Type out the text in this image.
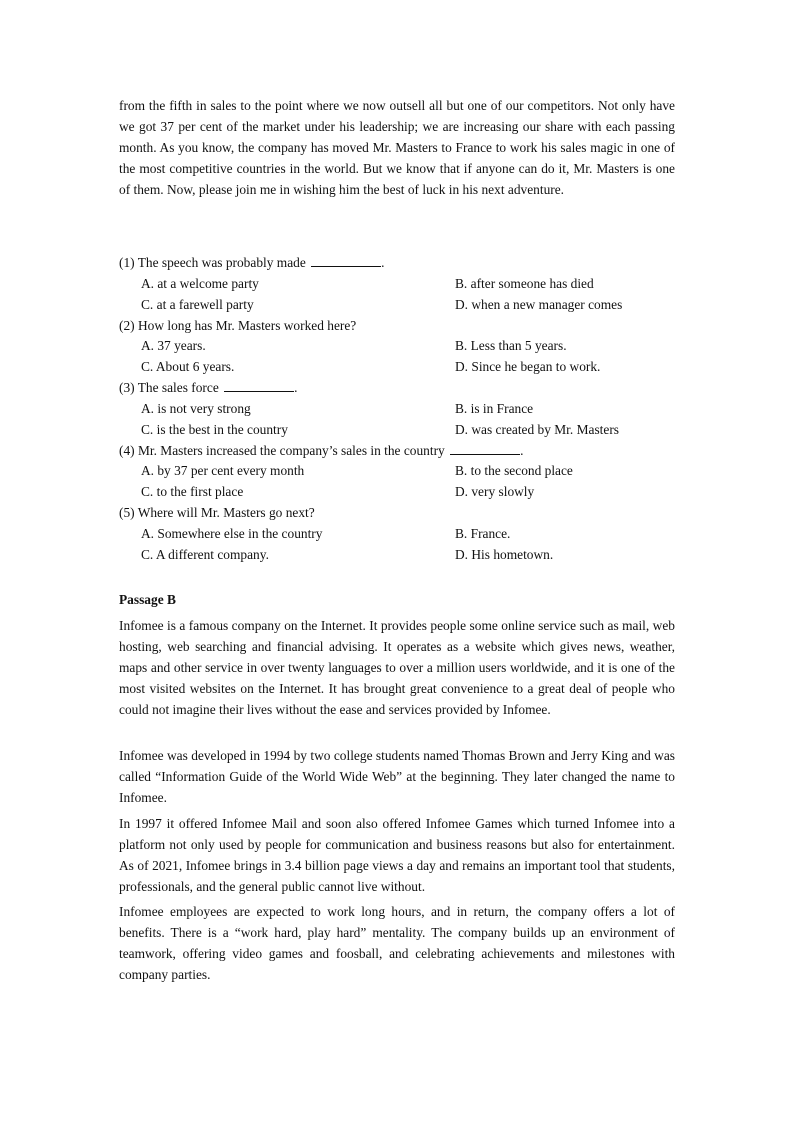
from the fifth in sales to the point where we now outsell all but one of our competitors. Not only have we got 37 per cent of the market under his leadership; we are increasing our share with each passing month. As you know, the company has moved Mr. Masters to France to work his sales magic in one of the most competitive countries in the world. But we know that if anyone can do it, Mr. Masters is one of them. Now, please join me in wishing him the best of luck in his next adventure.
(1) The speech was probably made	.
A. at a welcome party	B. after someone has died
C. at a farewell party	D. when a new manager comes
(2) How long has Mr. Masters worked here?
A. 37 years.	B. Less than 5 years.
C. About 6 years.	D. Since he began to work.
(3) The sales force	.
A. is not very strong	B. is in France
C. is the best in the country	D. was created by Mr. Masters
(4) Mr. Masters increased the company’s sales in the country	.
A. by 37 per cent every month	B. to the second place
C. to the first place	D. very slowly
(5) Where will Mr. Masters go next?
A. Somewhere else in the country	B. France.
C. A different company.	D. His hometown.
Passage B
Infomee is a famous company on the Internet. It provides people some online service such as mail, web hosting, web searching and financial advising. It operates as a website which gives news, weather, maps and other service in over twenty languages to over a million users worldwide, and it is one of the most visited websites on the Internet. It has brought great convenience to a great deal of people who could not imagine their lives without the ease and services provided by Infomee.
Infomee was developed in 1994 by two college students named Thomas Brown and Jerry King and was called “Information Guide of the World Wide Web” at the beginning. They later changed the name to Infomee.
In 1997 it offered Infomee Mail and soon also offered Infomee Games which turned Infomee into a platform not only used by people for communication and business reasons but also for entertainment. As of 2021, Infomee brings in 3.4 billion page views a day and remains an important tool that students, professionals, and the general public cannot live without.
Infomee employees are expected to work long hours, and in return, the company offers a lot of benefits. There is a “work hard, play hard” mentality. The company builds up an environment of teamwork, offering video games and foosball, and celebrating achievements and milestones with company parties.
